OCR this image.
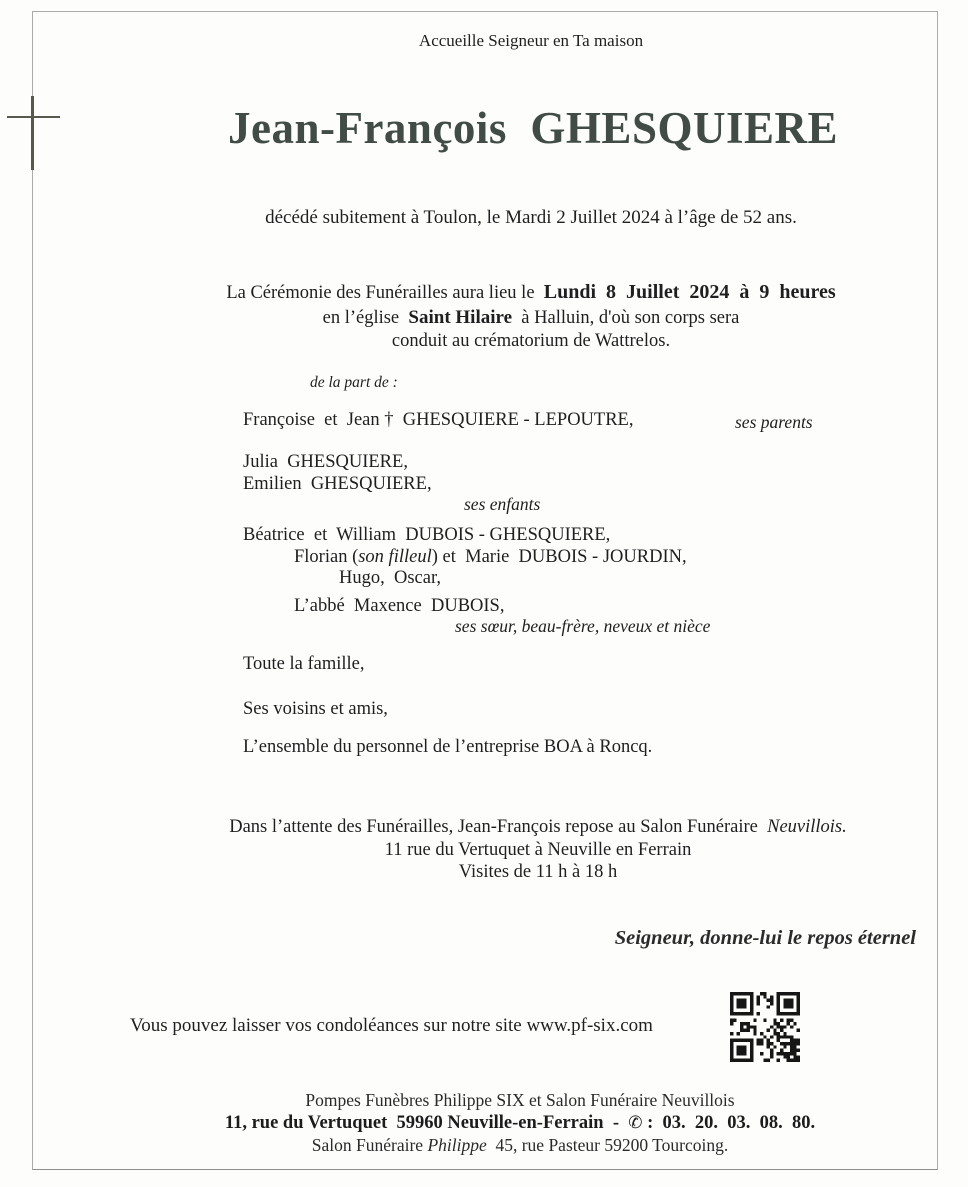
Accueille Seigneur en Ta maison
Jean-François  GHESQUIERE
décédé subitement à Toulon, le Mardi 2 Juillet 2024 à l’âge de 52 ans.
La Cérémonie des Funérailles aura lieu le  Lundi  8  Juillet  2024  à  9  heures
en l’église  Saint Hilaire  à Halluin, d'où son corps sera
conduit au crématorium de Wattrelos.
de la part de :
Françoise  et  Jean †  GHESQUIERE - LEPOUTRE,	ses parents
Julia  GHESQUIERE,
Emilien  GHESQUIERE,
ses enfants
Béatrice  et  William  DUBOIS - GHESQUIERE,
Florian (son filleul) et  Marie  DUBOIS - JOURDIN,
Hugo,  Oscar,
L’abbé  Maxence  DUBOIS,
ses sœur, beau-frère, neveux et nièce
Toute la famille,
Ses voisins et amis,
L’ensemble du personnel de l’entreprise BOA à Roncq.
Dans l’attente des Funérailles, Jean-François repose au Salon Funéraire  Neuvillois.
11 rue du Vertuquet à Neuville en Ferrain
Visites de 11 h à 18 h
Seigneur, donne-lui le repos éternel
Vous pouvez laisser vos condoléances sur notre site www.pf-six.com
Pompes Funèbres Philippe SIX et Salon Funéraire Neuvillois
11, rue du Vertuquet  59960 Neuville-en-Ferrain  -  ✆ :  03.  20.  03.  08.  80.
Salon Funéraire Philippe  45, rue Pasteur 59200 Tourcoing.
